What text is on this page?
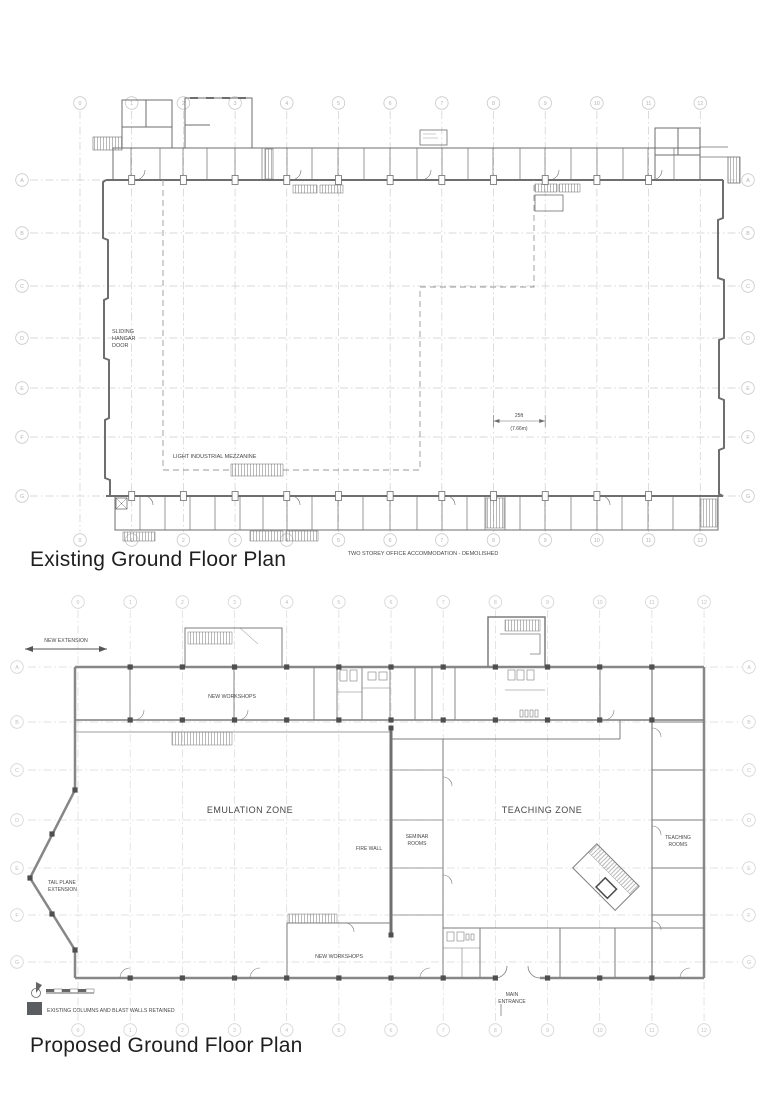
0
0
1	2
2
3
3
4	5
5
6
6
7
7
8
8
9
9
10
10
11
11
12
12
A	A
B	B
C	C
D	D
E	E
F	F
G	G
SLIDING
HANGAR
DOOR
LIGHT INDUSTRIAL MEZZANINE
25ft
(7.66m)
TWO STOREY OFFICE ACCOMMODATION - DEMOLISHED
Existing Ground Floor Plan
0
0
1
1
2
2
3
3
4
4
5
5
6
6
7
7
8
8
9
9
10
10
11
11
12
12
A	A
B	B
C	C
D	D
E	E
F	F
G	G
NEW EXTENSION
NEW WORKSHOPS
EMULATION ZONE	TEACHING ZONE
FIRE WALL
SEMINAR
ROOMS
TEACHING
ROOMS
TAIL PLANE
EXTENSION
NEW WORKSHOPS
MAIN
ENTRANCE
EXISTING COLUMNS AND BLAST WALLS RETAINED
Proposed Ground Floor Plan
